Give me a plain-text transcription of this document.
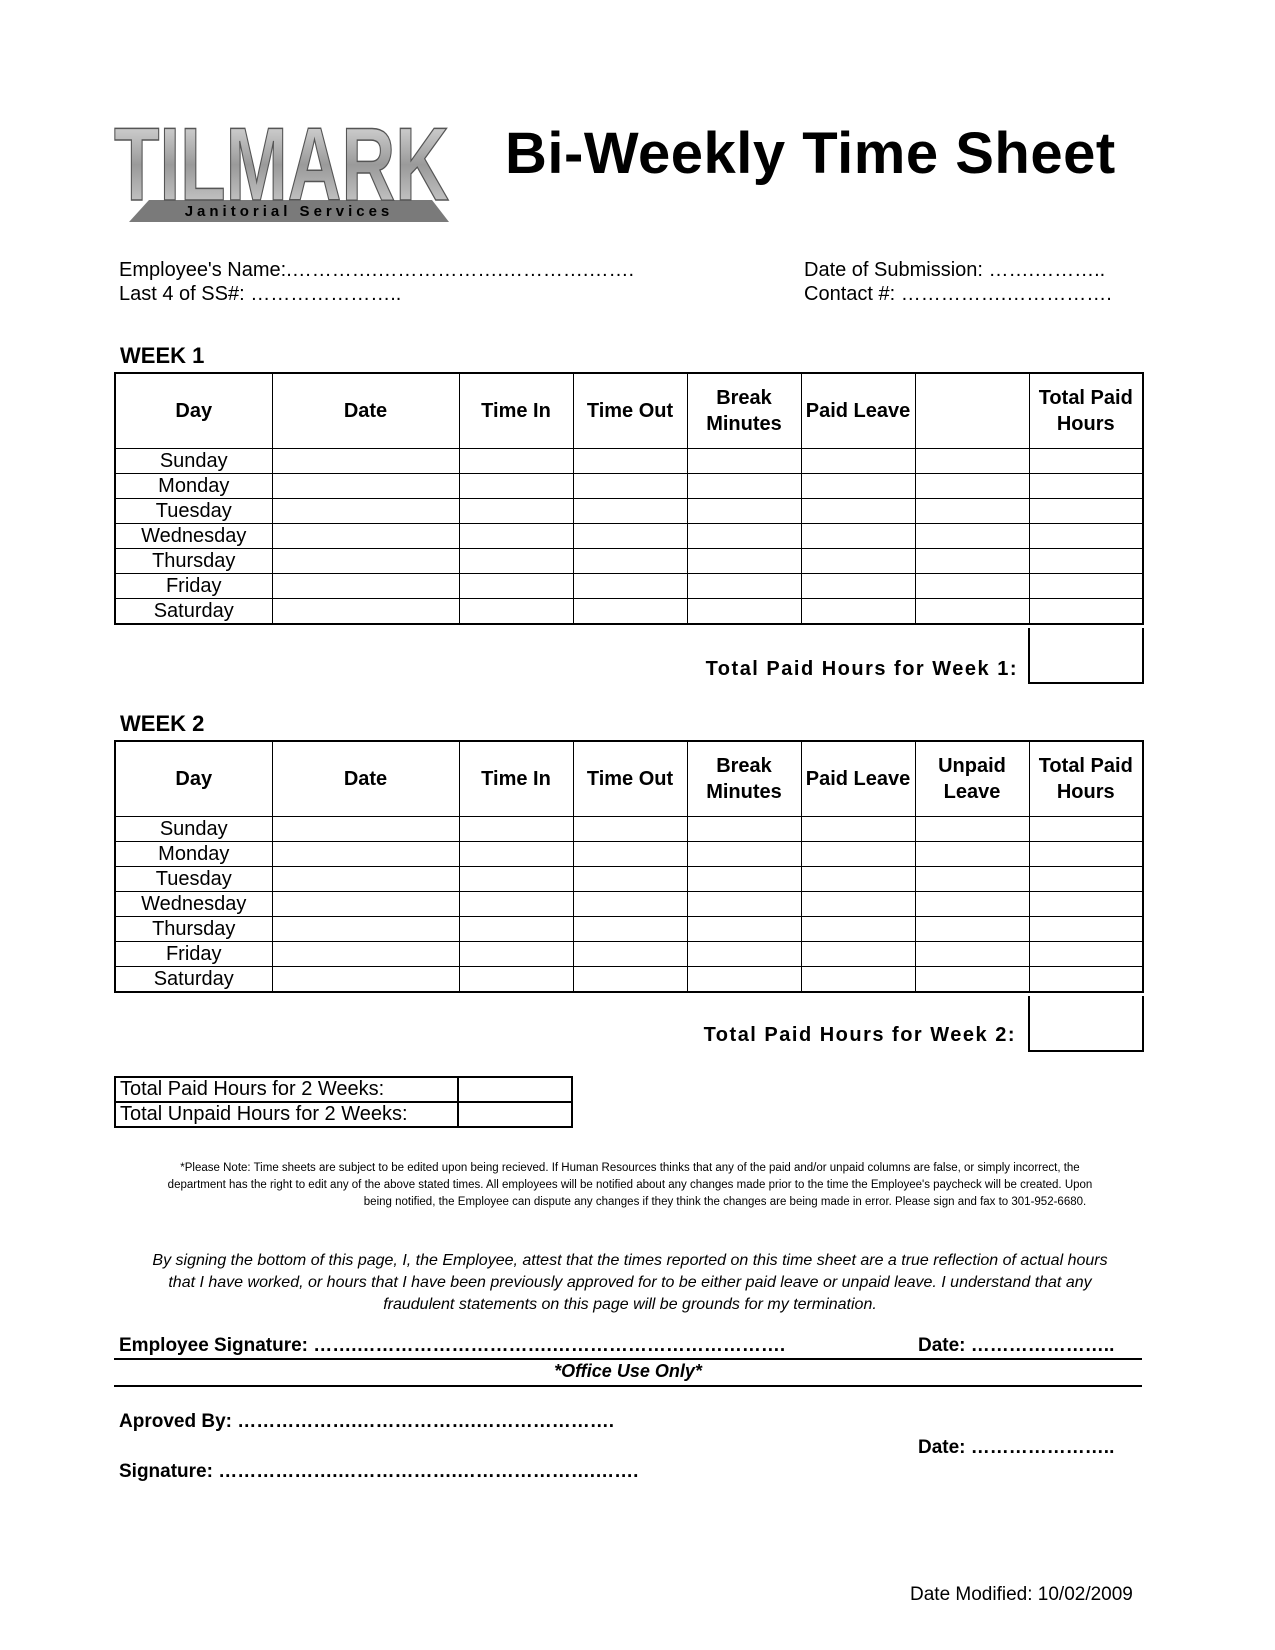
TILMARK
Janitorial Services
Bi-Weekly Time Sheet
Employee's Name:.………….……………….………….…….
Last 4 of SS#: …………………..
Date of Submission: …….………..
Contact #: …………….…………….
WEEK 1
Day	Date	Time In	Time Out	Break Minutes	Paid Leave		Total Paid Hours
Sunday							
Monday							
Tuesday							
Wednesday							
Thursday							
Friday							
Saturday							
Total Paid Hours for Week 1:
WEEK 2
Day	Date	Time In	Time Out	Break Minutes	Paid Leave	Unpaid Leave	Total Paid Hours
Sunday							
Monday							
Tuesday							
Wednesday							
Thursday							
Friday							
Saturday							
Total Paid Hours for Week 2:
Total Paid Hours for 2 Weeks:	
Total Unpaid Hours for 2 Weeks:	
*Please Note: Time sheets are subject to be edited upon being recieved. If Human Resources thinks that any of the paid and/or unpaid columns are false, or simply incorrect, the
department has the right to edit any of the above stated times. All employees will be notified about any changes made prior to the time the Employee's paycheck will be created. Upon
being notified, the Employee can dispute any changes if they think the changes are being made in error. Please sign and fax to 301-952-6680.
By signing the bottom of this page, I, the Employee, attest that the times reported on this time sheet are a true reflection of actual hours
that I have worked, or hours that I have been previously approved for to be either paid leave or unpaid leave. I understand that any
fraudulent statements on this page will be grounds for my termination.
Employee Signature: …….………………………….……………………………….	Date: …………………..
*Office Use Only*
Aproved By: ……………….……………….………………….
Date: …………………..
Signature: ……………….……………….………………….…….
Date Modified: 10/02/2009
